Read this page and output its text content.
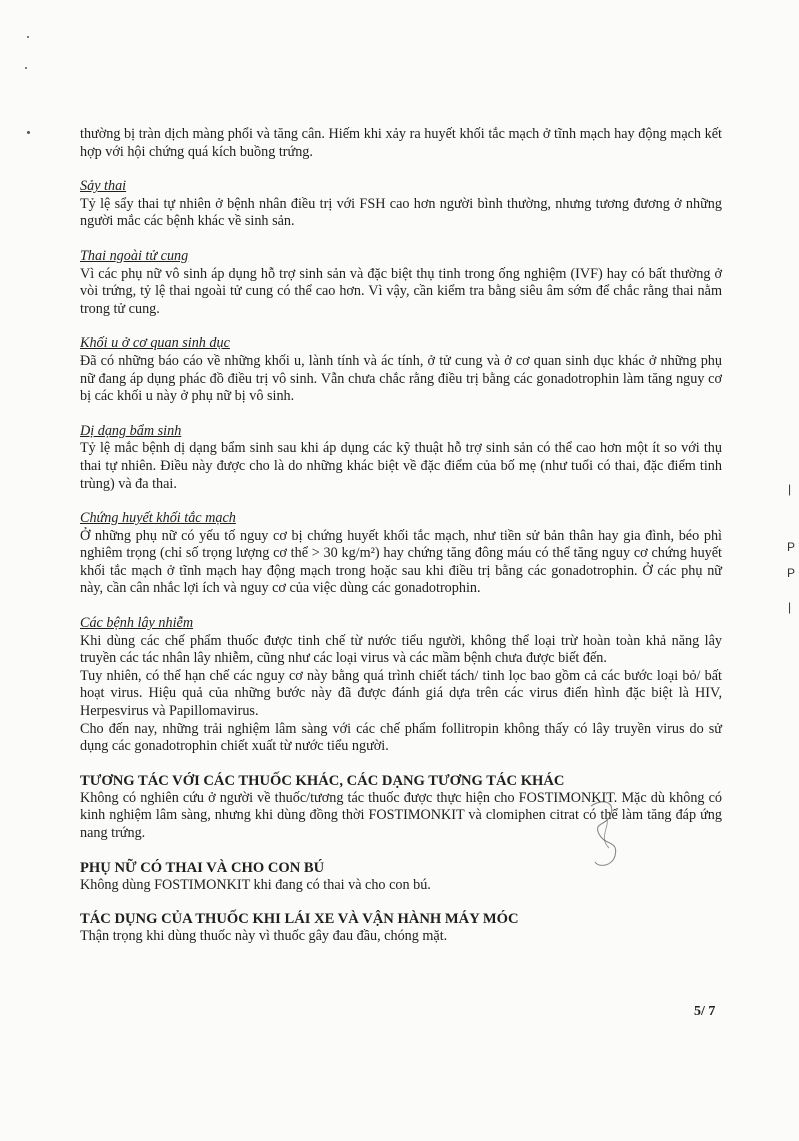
|
P
P
|

thường bị tràn dịch màng phổi và tăng cân. Hiếm khi xảy ra huyết khối tắc mạch ở tĩnh mạch hay động mạch kết hợp với hội chứng quá kích buồng trứng.

Sảy thai

Tỷ lệ sẩy thai tự nhiên ở bệnh nhân điều trị với FSH cao hơn người bình thường, nhưng tương đương ở những người mắc các bệnh khác về sinh sản.

Thai ngoài tử cung

Vì các phụ nữ vô sinh áp dụng hỗ trợ sinh sản và đặc biệt thụ tinh trong ống nghiệm (IVF) hay có bất thường ở vòi trứng, tỷ lệ thai ngoài tử cung có thể cao hơn. Vì vậy, cần kiểm tra bằng siêu âm sớm để chắc rằng thai nằm trong tử cung.

Khối u ở cơ quan sinh dục

Đã có những báo cáo về những khối u, lành tính và ác tính, ở tử cung và ở cơ quan sinh dục khác ở những phụ nữ đang áp dụng phác đồ điều trị vô sinh. Vẫn chưa chắc rằng điều trị bằng các gonadotrophin làm tăng nguy cơ bị các khối u này ở phụ nữ bị vô sinh.

Dị dạng bẩm sinh

Tỷ lệ mắc bệnh dị dạng bẩm sinh sau khi áp dụng các kỹ thuật hỗ trợ sinh sản có thể cao hơn một ít so với thụ thai tự nhiên. Điều này được cho là do những khác biệt về đặc điểm của bố mẹ (như tuổi có thai, đặc điểm tinh trùng) và đa thai.

Chứng huyết khối tắc mạch

Ở những phụ nữ có yếu tố nguy cơ bị chứng huyết khối tắc mạch, như tiền sử bản thân hay gia đình, béo phì nghiêm trọng (chỉ số trọng lượng cơ thể > 30 kg/m²) hay chứng tăng đông máu có thể tăng nguy cơ chứng huyết khối tắc mạch ở tĩnh mạch hay động mạch trong hoặc sau khi điều trị bằng các gonadotrophin. Ở các phụ nữ này, cần cân nhắc lợi ích và nguy cơ của việc dùng các gonadotrophin.

Các bệnh lây nhiễm

Khi dùng các chế phẩm thuốc được tinh chế từ nước tiểu người, không thể loại trừ hoàn toàn khả năng lây truyền các tác nhân lây nhiễm, cũng như các loại virus và các mầm bệnh chưa được biết đến.

Tuy nhiên, có thể hạn chế các nguy cơ này bằng quá trình chiết tách/ tinh lọc bao gồm cả các bước loại bỏ/ bất hoạt virus. Hiệu quả của những bước này đã được đánh giá dựa trên các virus điển hình đặc biệt là HIV, Herpesvirus và Papillomavirus.

Cho đến nay, những trải nghiệm lâm sàng với các chế phẩm follitropin không thấy có lây truyền virus do sử dụng các gonadotrophin chiết xuất từ nước tiểu người.

TƯƠNG TÁC VỚI CÁC THUỐC KHÁC, CÁC DẠNG TƯƠNG TÁC KHÁC

Không có nghiên cứu ở người về thuốc/tương tác thuốc được thực hiện cho FOSTIMONKIT. Mặc dù không có kinh nghiệm lâm sàng, nhưng khi dùng đồng thời FOSTIMONKIT và clomiphen citrat có thể làm tăng đáp ứng nang trứng.

PHỤ NỮ CÓ THAI VÀ CHO CON BÚ

Không dùng FOSTIMONKIT khi đang có thai và cho con bú.

TÁC DỤNG CỦA THUỐC KHI LÁI XE VÀ VẬN HÀNH MÁY MÓC

Thận trọng khi dùng thuốc này vì thuốc gây đau đầu, chóng mặt.

5/ 7
